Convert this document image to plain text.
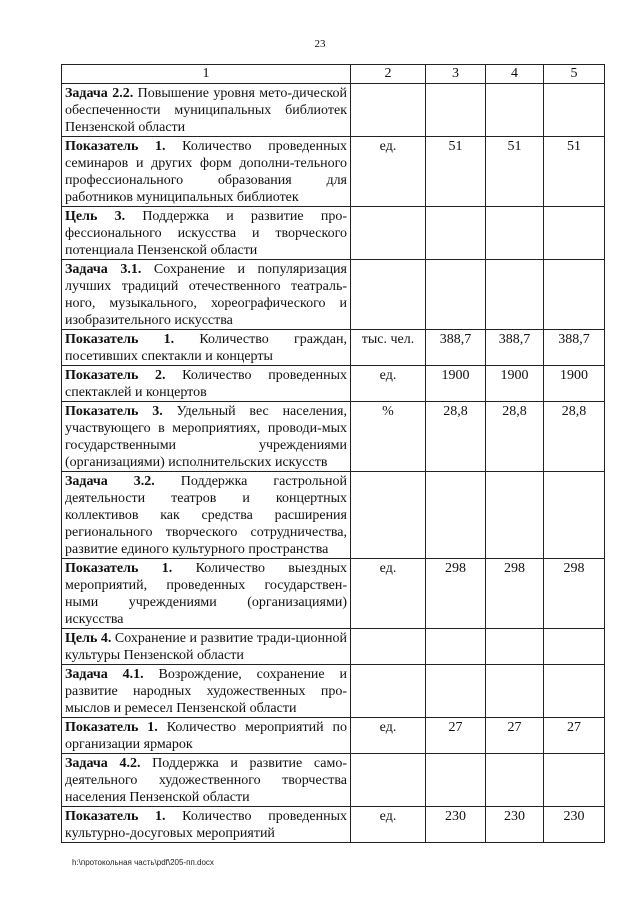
23
1	2	3	4	5
Задача 2.2. Повышение уровня мето-дической обеспеченности муниципальных библиотек Пензенской области	

Показатель 1. Количество проведенных семинаров и других форм дополни-тельного профессионального образования для работников муниципальных библиотек	ед.	51	51	51

Цель 3. Поддержка и развитие про-фессионального искусства и творческого потенциала Пензенской области	

Задача 3.1. Сохранение и популяризация лучших традиций отечественного театраль-ного, музыкального, хореографического и изобразительного искусства	

Показатель 1. Количество граждан, посетивших спектакли и концерты	тыс. чел.	388,7	388,7	388,7

Показатель 2. Количество проведенных спектаклей и концертов	ед.	1900	1900	1900

Показатель 3. Удельный вес населения, участвующего в мероприятиях, проводи-мых государственными учреждениями (организациями) исполнительских искусств	%	28,8	28,8	28,8

Задача 3.2. Поддержка гастрольной деятельности театров и концертных коллективов как средства расширения регионального творческого сотрудничества, развитие единого культурного пространства	

Показатель 1. Количество выездных мероприятий, проведенных государствен-ными учреждениями (организациями) искусства	ед.	298	298	298

Цель 4. Сохранение и развитие тради-ционной культуры Пензенской области	

Задача 4.1. Возрождение, сохранение и развитие народных художественных про-мыслов и ремесел Пензенской области	

Показатель 1. Количество мероприятий по организации ярмарок	ед.	27	27	27

Задача 4.2. Поддержка и развитие само-деятельного художественного творчества населения Пензенской области	

Показатель 1. Количество проведенных культурно-досуговых мероприятий	ед.	230	230	230
h:\протокольная часть\pdf\205-пп.docx
